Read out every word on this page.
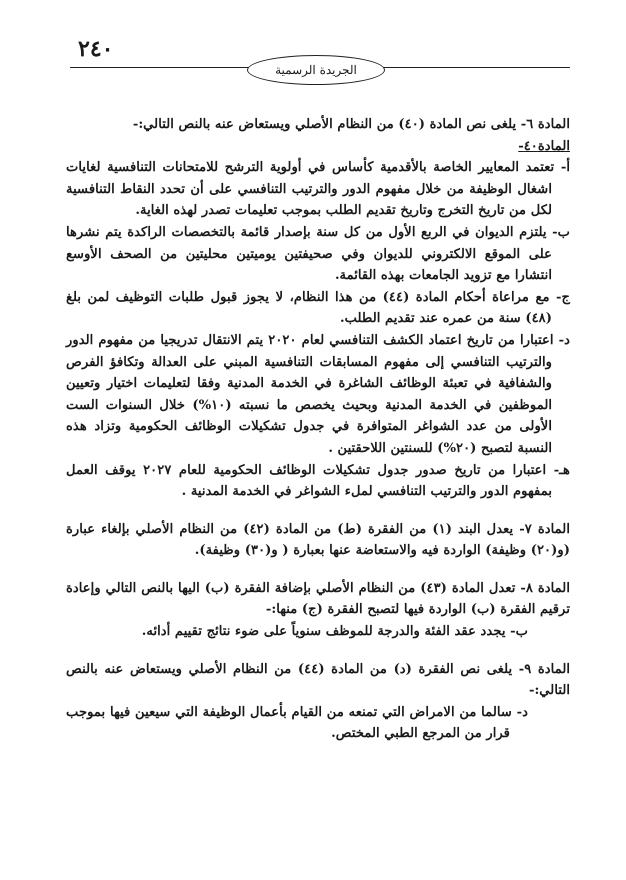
٢٤٠
الجريدة الرسمية

المادة ٦- يلغى نص المادة (٤٠) من النظام الأصلي ويستعاض عنه بالنص التالي:-

المادة٤٠-

أ- تعتمد المعايير الخاصة بالأقدمية كأساس في أولوية الترشح للامتحانات التنافسية لغايات اشغال الوظيفة من خلال مفهوم الدور والترتيب التنافسي على أن تحدد النقاط التنافسية لكل من تاريخ التخرج وتاريخ تقديم الطلب بموجب تعليمات تصدر لهذه الغاية.

ب- يلتزم الديوان في الربع الأول من كل سنة بإصدار قائمة بالتخصصات الراكدة يتم نشرها على الموقع الالكتروني للديوان وفي صحيفتين يوميتين محليتين من الصحف الأوسع انتشارا مع تزويد الجامعات بهذه القائمة.

ج- مع مراعاة أحكام المادة (٤٤) من هذا النظام، لا يجوز قبول طلبات التوظيف لمن بلغ (٤٨) سنة من عمره عند تقديم الطلب.

د- اعتبارا من تاريخ اعتماد الكشف التنافسي لعام ٢٠٢٠ يتم الانتقال تدريجيا من مفهوم الدور والترتيب التنافسي إلى مفهوم المسابقات التنافسية المبني على العدالة وتكافؤ الفرص والشفافية في تعبئة الوظائف الشاغرة في الخدمة المدنية وفقا لتعليمات اختيار وتعيين الموظفين في الخدمة المدنية وبحيث يخصص ما نسبته (١٠%) خلال السنوات الست الأولى من عدد الشواغر المتوافرة في جدول تشكيلات الوظائف الحكومية وتزاد هذه النسبة لتصبح (٢٠%) للسنتين اللاحقتين .

هـ- اعتبارا من تاريخ صدور جدول تشكيلات الوظائف الحكومية للعام ٢٠٢٧ يوقف العمل بمفهوم الدور والترتيب التنافسي لملء الشواغر في الخدمة المدنية .

المادة ٧- يعدل البند (١) من الفقرة (ط) من المادة (٤٢) من النظام الأصلي بإلغاء عبارة (و(٢٠) وظيفة) الواردة فيه والاستعاضة عنها بعبارة ( و(٣٠) وظيفة).

المادة ٨- تعدل المادة (٤٣) من النظام الأصلي بإضافة الفقرة (ب) اليها بالنص التالي وإعادة ترقيم الفقرة (ب) الواردة فيها لتصبح الفقرة (ج) منها:-

ب- يجدد عقد الفئة والدرجة للموظف سنوياً على ضوء نتائج تقييم أدائه.

المادة ٩- يلغى نص الفقرة (د) من المادة (٤٤) من النظام الأصلي ويستعاض عنه بالنص التالي:-

د- سالما من الامراض التي تمنعه من القيام بأعمال الوظيفة التي سيعين فيها بموجب قرار من المرجع الطبي المختص.
